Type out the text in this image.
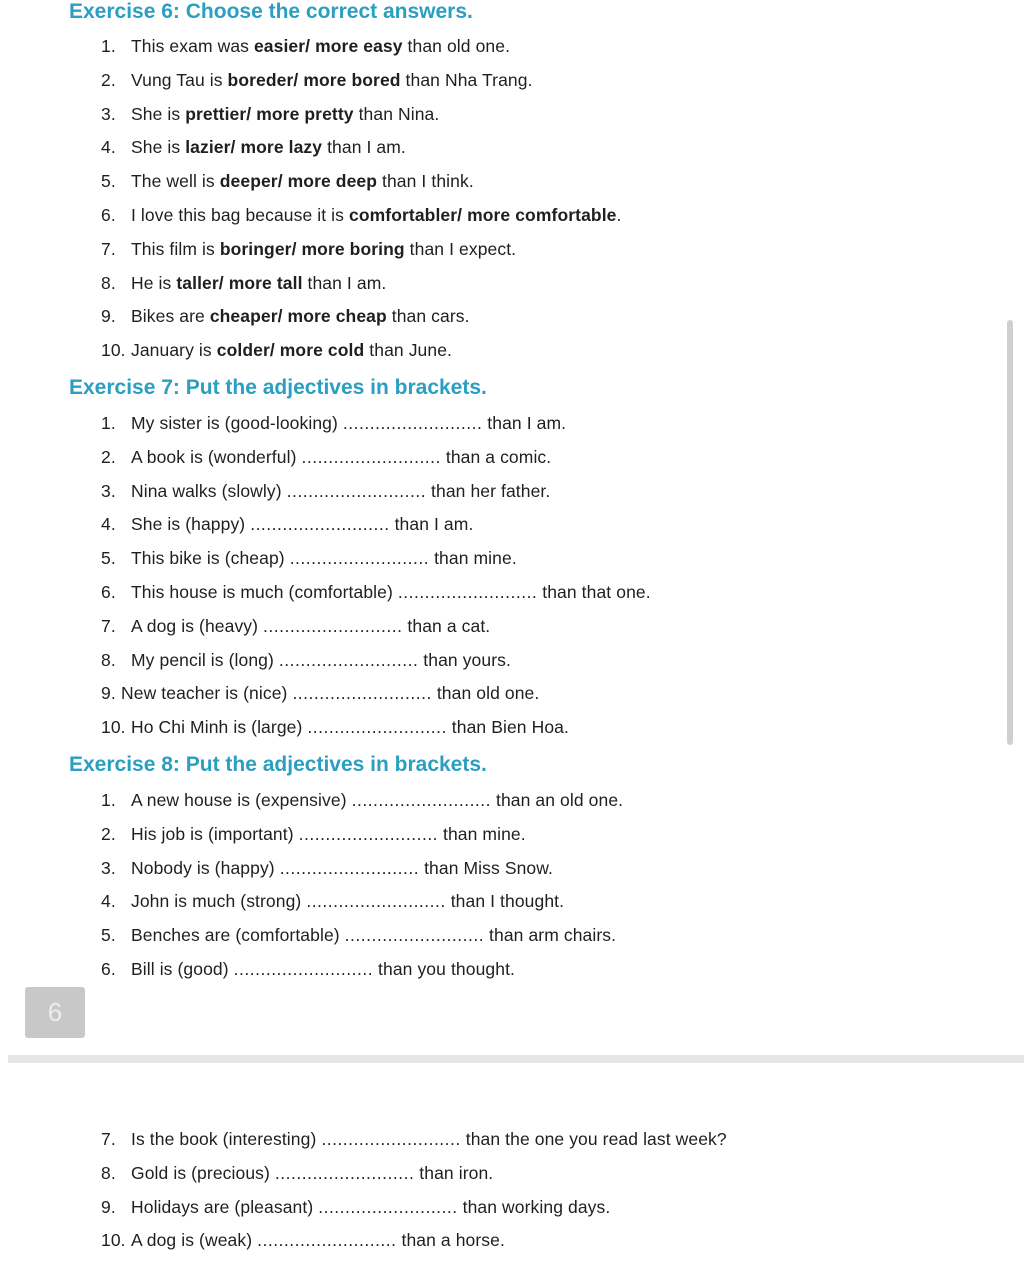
Exercise 6: Choose the correct answers.
1. This exam was easier/ more easy than old one.
2. Vung Tau is boreder/ more bored than Nha Trang.
3. She is prettier/ more pretty than Nina.
4. She is lazier/ more lazy than I am.
5. The well is deeper/ more deep than I think.
6. I love this bag because it is comfortabler/ more comfortable.
7. This film is boringer/ more boring than I expect.
8. He is taller/ more tall than I am.
9. Bikes are cheaper/ more cheap than cars.
10. January is colder/ more cold than June.
Exercise 7: Put the adjectives in brackets.
1. My sister is (good-looking) .......................... than I am.
2. A book is (wonderful) .......................... than a comic.
3. Nina walks (slowly) .......................... than her father.
4. She is (happy) .......................... than I am.
5. This bike is (cheap) .......................... than mine.
6. This house is much (comfortable) .......................... than that one.
7. A dog is (heavy) .......................... than a cat.
8. My pencil is (long) .......................... than yours.
9. New teacher is (nice) .......................... than old one.
10. Ho Chi Minh is (large) .......................... than Bien Hoa.
Exercise 8: Put the adjectives in brackets.
1. A new house is (expensive) .......................... than an old one.
2. His job is (important) .......................... than mine.
3. Nobody is (happy) .......................... than Miss Snow.
4. John is much (strong) .......................... than I thought.
5. Benches are (comfortable) .......................... than arm chairs.
6. Bill is (good) .......................... than you thought.
7. Is the book (interesting) .......................... than the one you read last week?
8. Gold is (precious) .......................... than iron.
9. Holidays are (pleasant) .......................... than working days.
10. A dog is (weak) .......................... than a horse.
6
